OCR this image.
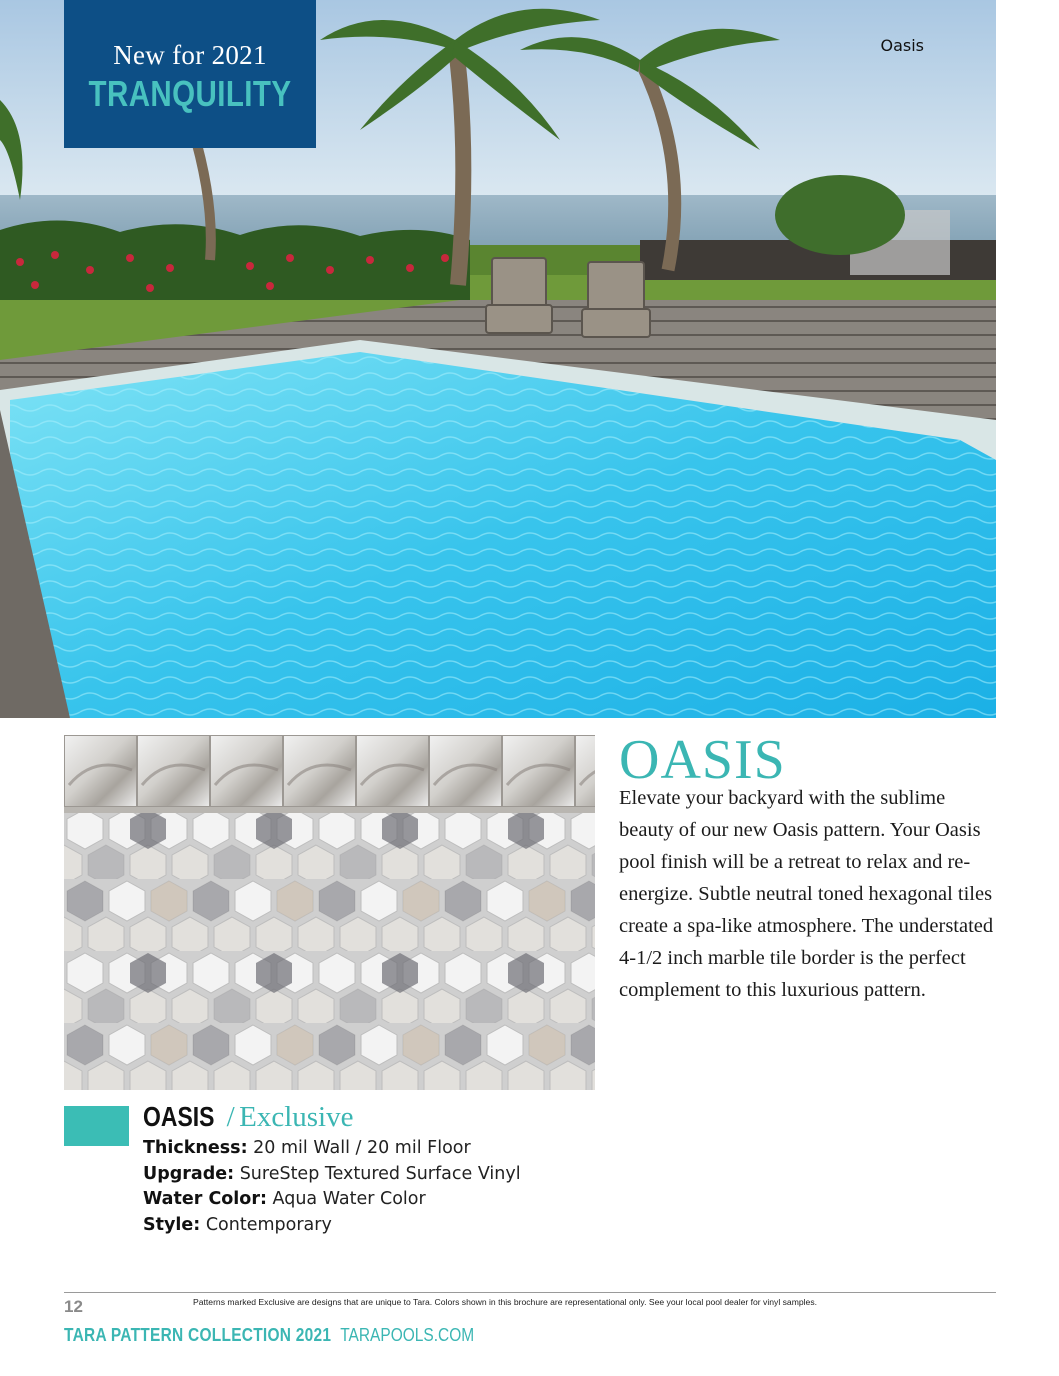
New for 2021
TRANQUILITY
Oasis
OASIS

Elevate your backyard with the sublime beauty of our new Oasis pattern. Your Oasis pool finish will be a retreat to relax and re-energize. Subtle neutral toned hexagonal tiles create a spa-like atmosphere. The understated 4-1/2 inch marble tile border is the perfect complement to this luxurious pattern.

OASIS / Exclusive
Thickness: 20 mil Wall / 20 mil Floor
Upgrade: SureStep Textured Surface Vinyl
Water Color: Aqua Water Color
Style: Contemporary
12	Patterns marked Exclusive are designs that are unique to Tara. Colors shown in this brochure are representational only. See your local pool dealer for vinyl samples.
TARA PATTERN COLLECTION 2021 TARAPOOLS.COM
